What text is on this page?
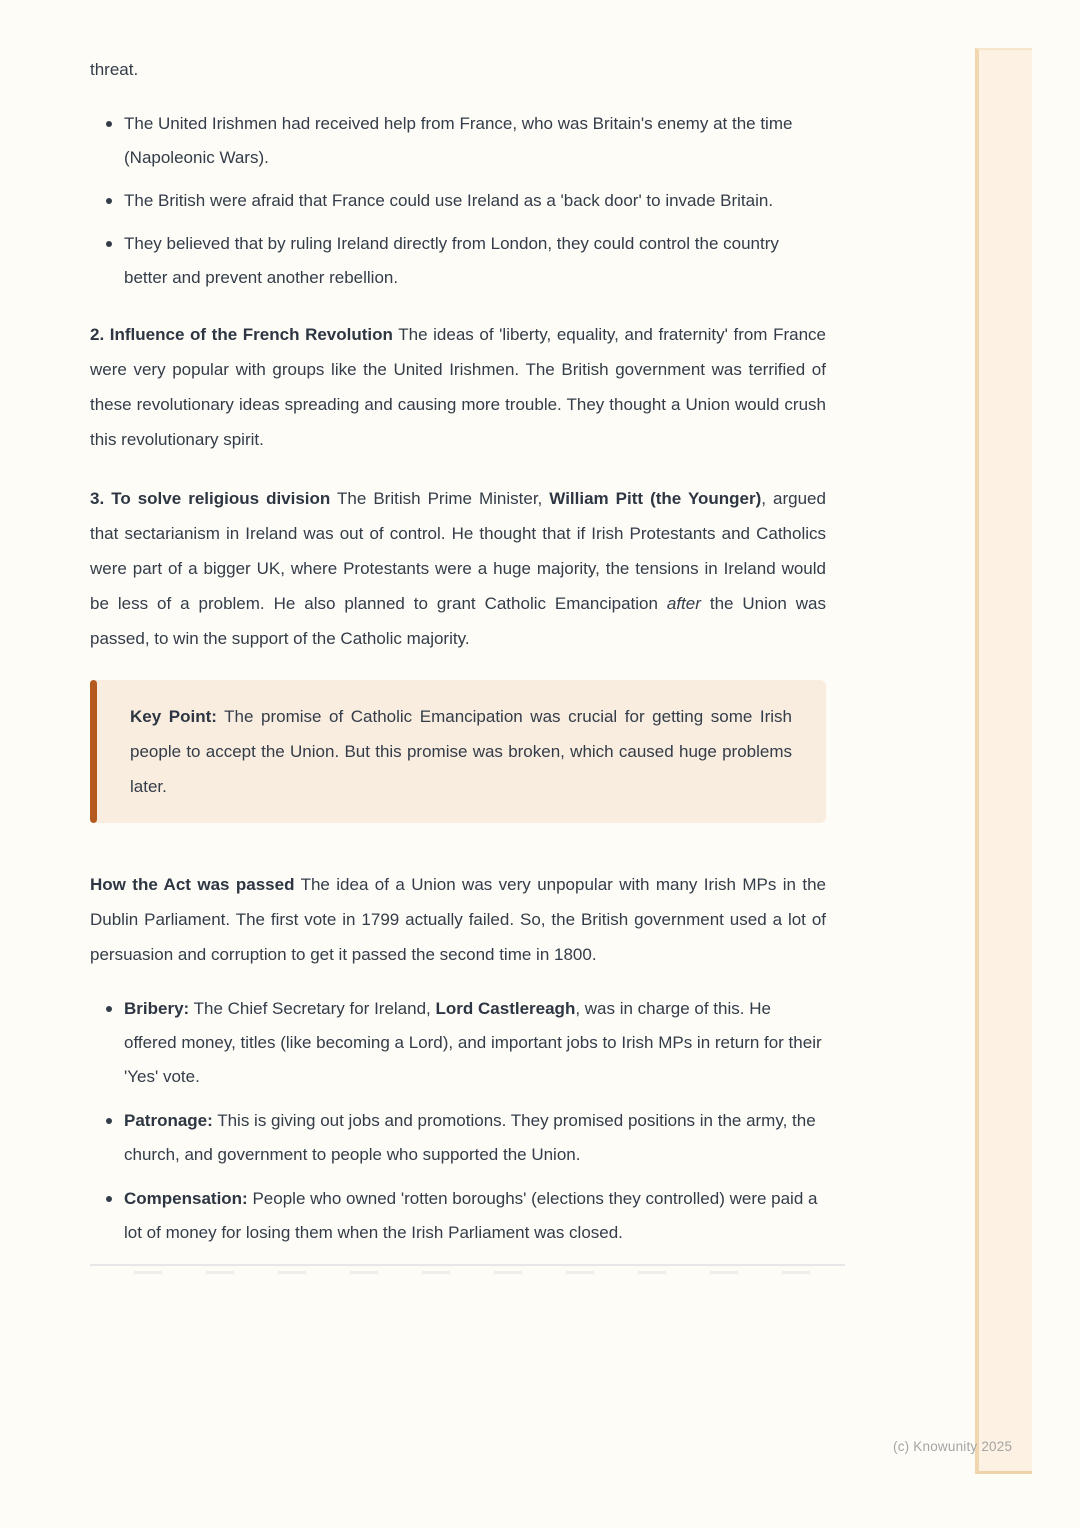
threat.

The United Irishmen had received help from France, who was Britain's enemy at the time (Napoleonic Wars).
The British were afraid that France could use Ireland as a 'back door' to invade Britain.
They believed that by ruling Ireland directly from London, they could control the country better and prevent another rebellion.

2. Influence of the French Revolution The ideas of 'liberty, equality, and fraternity' from France were very popular with groups like the United Irishmen. The British government was terrified of these revolutionary ideas spreading and causing more trouble. They thought a Union would crush this revolutionary spirit.

3. To solve religious division The British Prime Minister, William Pitt (the Younger), argued that sectarianism in Ireland was out of control. He thought that if Irish Protestants and Catholics were part of a bigger UK, where Protestants were a huge majority, the tensions in Ireland would be less of a problem. He also planned to grant Catholic Emancipation after the Union was passed, to win the support of the Catholic majority.

Key Point: The promise of Catholic Emancipation was crucial for getting some Irish people to accept the Union. But this promise was broken, which caused huge problems later.

How the Act was passed The idea of a Union was very unpopular with many Irish MPs in the Dublin Parliament. The first vote in 1799 actually failed. So, the British government used a lot of persuasion and corruption to get it passed the second time in 1800.

Bribery: The Chief Secretary for Ireland, Lord Castlereagh, was in charge of this. He offered money, titles (like becoming a Lord), and important jobs to Irish MPs in return for their 'Yes' vote.
Patronage: This is giving out jobs and promotions. They promised positions in the army, the church, and government to people who supported the Union.
Compensation: People who owned 'rotten boroughs' (elections they controlled) were paid a lot of money for losing them when the Irish Parliament was closed.
(c) Knowunity 2025
